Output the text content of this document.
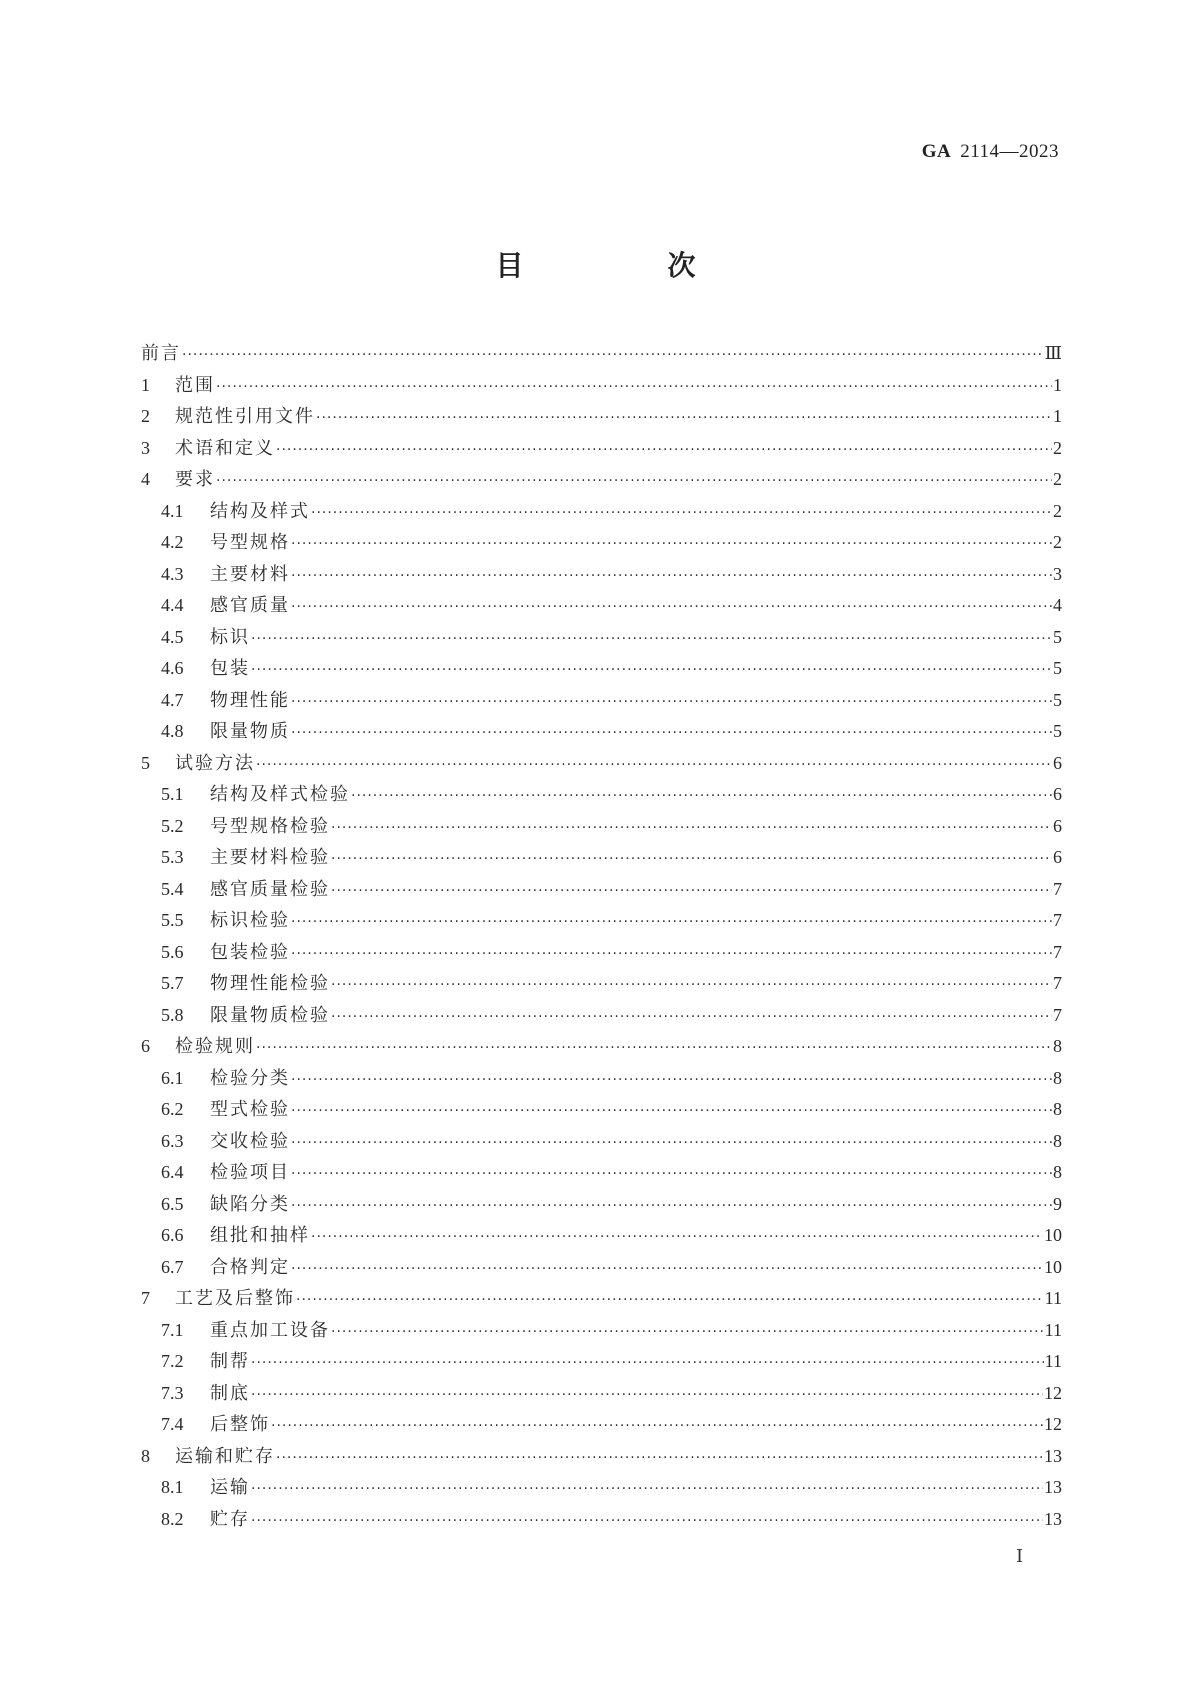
GA 2114—2023
目　次
前言 ·····	Ⅲ
1	范围 ·····	1
2	规范性引用文件 ·····	1
3	术语和定义 ·····	2
4	要求 ·····	2
4.1	结构及样式 ·····	2
4.2	号型规格 ·····	2
4.3	主要材料 ·····	3
4.4	感官质量 ·····	4
4.5	标识 ·····	5
4.6	包装 ·····	5
4.7	物理性能 ·····	5
4.8	限量物质 ·····	5
5	试验方法 ·····	6
5.1	结构及样式检验 ·····	6
5.2	号型规格检验 ·····	6
5.3	主要材料检验 ·····	6
5.4	感官质量检验 ·····	7
5.5	标识检验 ·····	7
5.6	包装检验 ·····	7
5.7	物理性能检验 ·····	7
5.8	限量物质检验 ·····	7
6	检验规则 ·····	8
6.1	检验分类 ·····	8
6.2	型式检验 ·····	8
6.3	交收检验 ·····	8
6.4	检验项目 ·····	8
6.5	缺陷分类 ·····	9
6.6	组批和抽样 ·····	10
6.7	合格判定 ·····	10
7	工艺及后整饰 ·····	11
7.1	重点加工设备 ·····	11
7.2	制帮 ·····	11
7.3	制底 ·····	12
7.4	后整饰 ·····	12
8	运输和贮存 ·····	13
8.1	运输 ·····	13
8.2	贮存 ·····	13
Ⅰ
